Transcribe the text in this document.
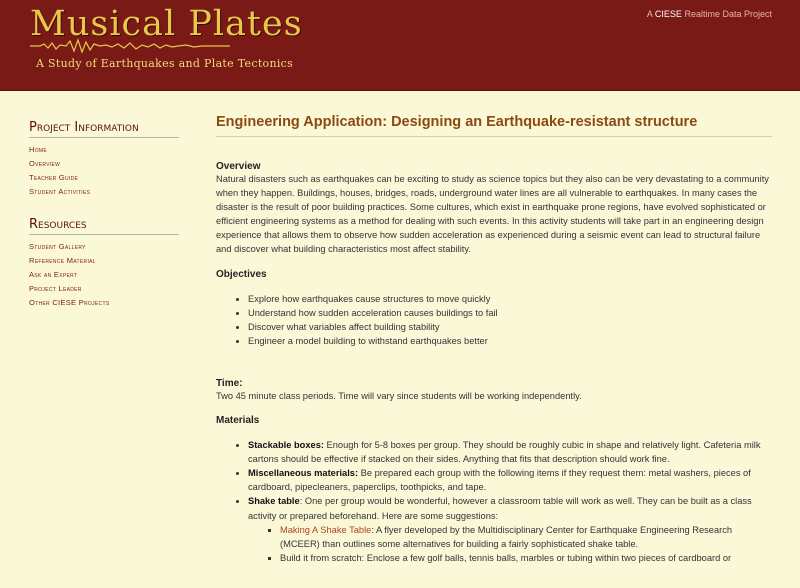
Musical Plates
A Study of Earthquakes and Plate Tectonics
A CIESE Realtime Data Project
Project Information
Home
Overview
Teacher Guide
Student Activities
Resources
Student Gallery
Reference Material
Ask an Expert
Project Leader
Other CIESE Projects
Engineering Application: Designing an Earthquake-resistant structure
Overview

Natural disasters such as earthquakes can be exciting to study as science topics but they also can be very devastating to a community when they happen. Buildings, houses, bridges, roads, underground water lines are all vulnerable to earthquakes. In many cases the disaster is the result of poor building practices. Some cultures, which exist in earthquake prone regions, have evolved sophisticated or efficient engineering systems as a method for dealing with such events. In this activity students will take part in an engineering design experience that allows them to observe how sudden acceleration as experienced during a seismic event can lead to structural failure and discover what building characteristics most affect stability.

Objectives
• Explore how earthquakes cause structures to move quickly
• Understand how sudden acceleration causes buildings to fail
• Discover what variables affect building stability
• Engineer a model building to withstand earthquakes better
Time:

Two 45 minute class periods. Time will vary since students will be working independently.

Materials
• Stackable boxes: Enough for 5-8 boxes per group. They should be roughly cubic in shape and relatively light. Cafeteria milk cartons should be effective if stacked on their sides. Anything that fits that description should work fine.
• Miscellaneous materials: Be prepared each group with the following items if they request them: metal washers, pieces of cardboard, pipecleaners, paperclips, toothpicks, and tape.
• Shake table: One per group would be wonderful, however a classroom table will work as well. They can be built as a class activity or prepared beforehand. Here are some suggestions:
▪ Making A Shake Table: A flyer developed by the Multidisciplinary Center for Earthquake Engineering Research (MCEER) than outlines some alternatives for building a fairly sophisticated shake table.
▪ Build it from scratch: Enclose a few golf balls, tennis balls, marbles or tubing within two pieces of cardboard or
